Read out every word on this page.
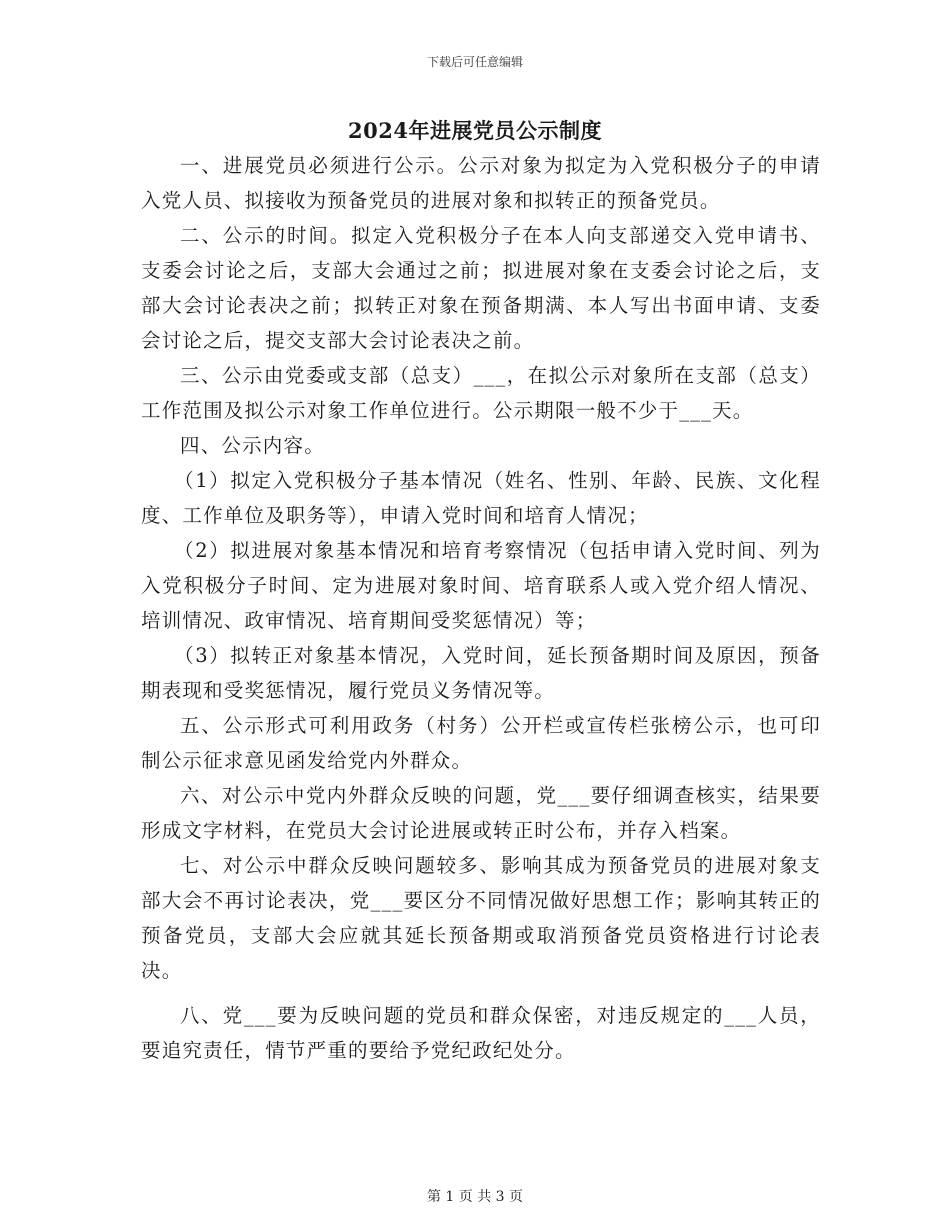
下载后可任意编辑
2024年进展党员公示制度

一、进展党员必须进行公示。公示对象为拟定为入党积极分子的申请入党人员、拟接收为预备党员的进展对象和拟转正的预备党员。

二、公示的时间。拟定入党积极分子在本人向支部递交入党申请书、支委会讨论之后，支部大会通过之前；拟进展对象在支委会讨论之后，支部大会讨论表决之前；拟转正对象在预备期满、本人写出书面申请、支委会讨论之后，提交支部大会讨论表决之前。

三、公示由党委或支部（总支）___，在拟公示对象所在支部（总支）工作范围及拟公示对象工作单位进行。公示期限一般不少于___天。

四、公示内容。

（1）拟定入党积极分子基本情况（姓名、性别、年龄、民族、文化程度、工作单位及职务等），申请入党时间和培育人情况；

（2）拟进展对象基本情况和培育考察情况（包括申请入党时间、列为入党积极分子时间、定为进展对象时间、培育联系人或入党介绍人情况、培训情况、政审情况、培育期间受奖惩情况）等；

（3）拟转正对象基本情况，入党时间，延长预备期时间及原因，预备期表现和受奖惩情况，履行党员义务情况等。

五、公示形式可利用政务（村务）公开栏或宣传栏张榜公示，也可印制公示征求意见函发给党内外群众。

六、对公示中党内外群众反映的问题，党___要仔细调查核实，结果要形成文字材料，在党员大会讨论进展或转正时公布，并存入档案。

七、对公示中群众反映问题较多、影响其成为预备党员的进展对象支部大会不再讨论表决，党___要区分不同情况做好思想工作；影响其转正的预备党员，支部大会应就其延长预备期或取消预备党员资格进行讨论表决。

八、党___要为反映问题的党员和群众保密，对违反规定的___人员，要追究责任，情节严重的要给予党纪政纪处分。

第 1 页 共 3 页
